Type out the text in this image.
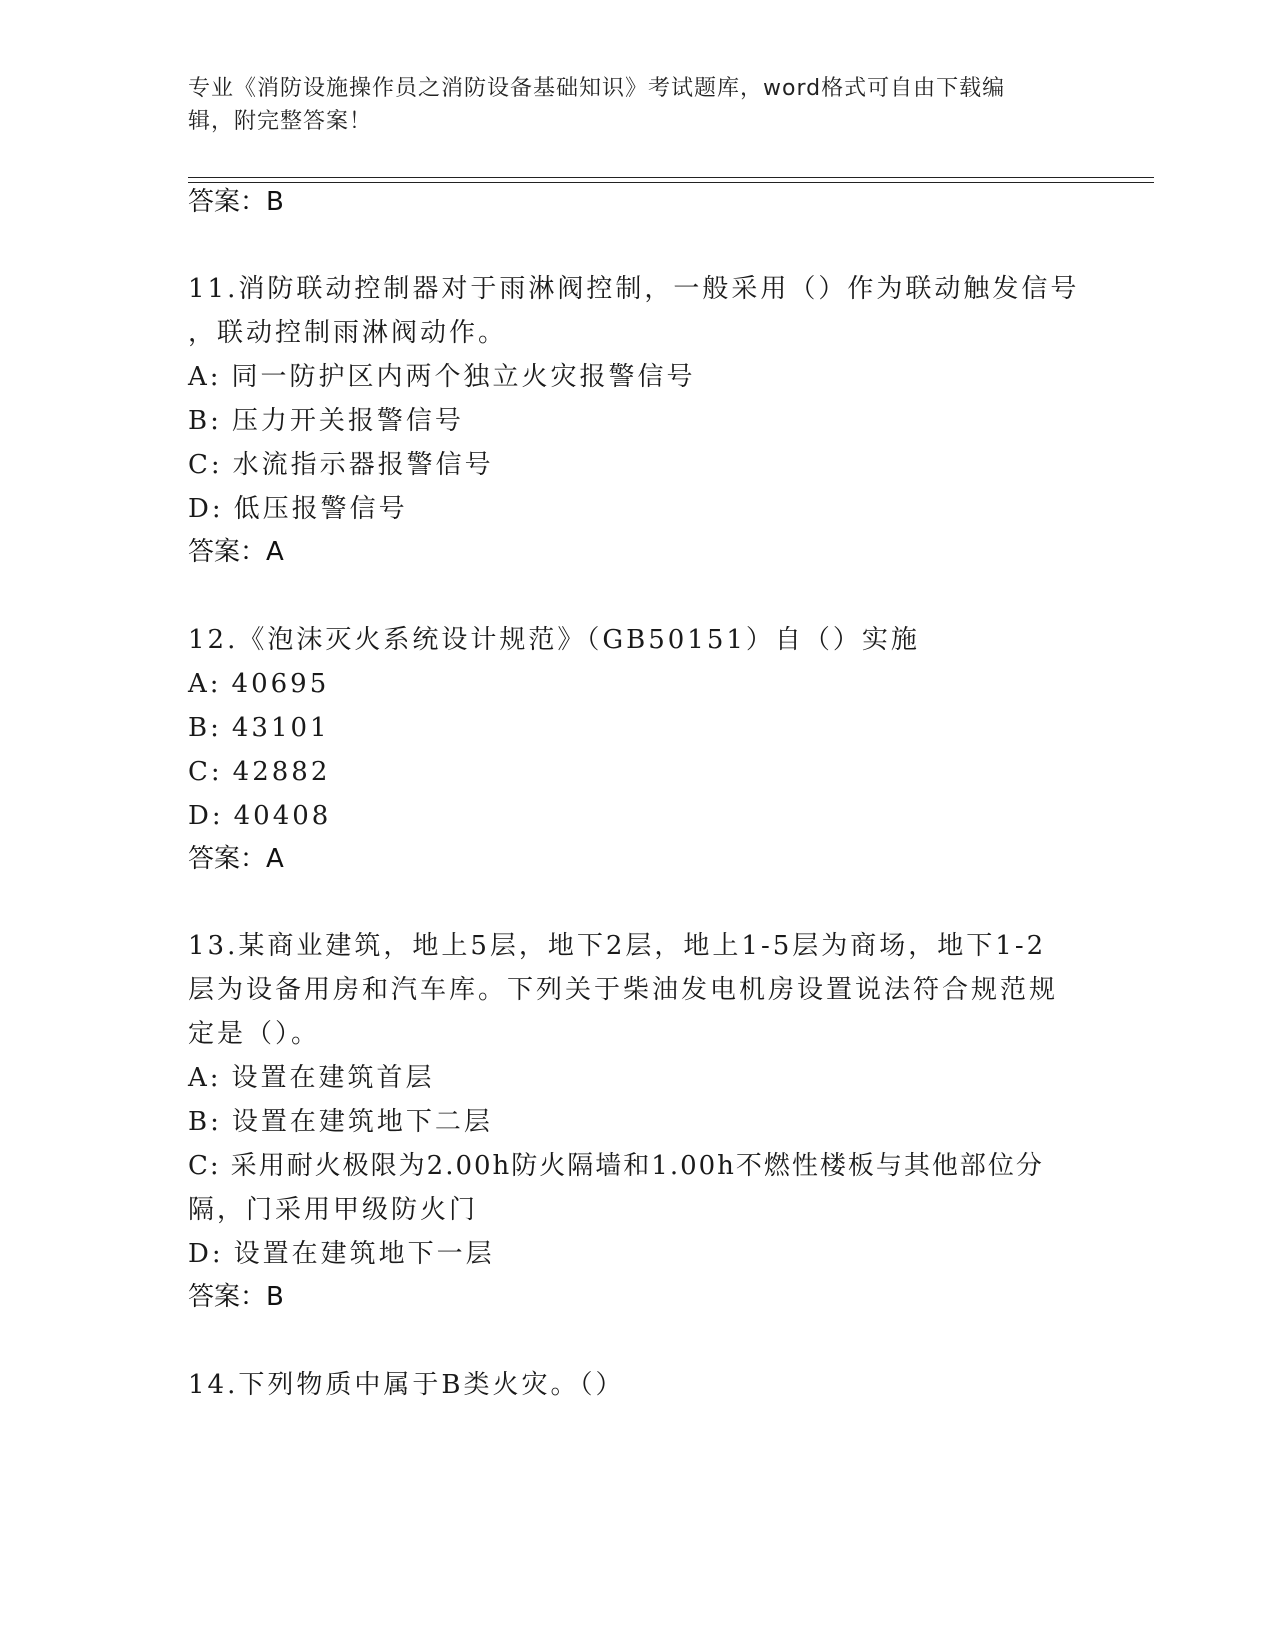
专业《消防设施操作员之消防设备基础知识》考试题库，word格式可自由下载编
辑，附完整答案！
答案：B
11.消防联动控制器对于雨淋阀控制，一般采用（）作为联动触发信号
，联动控制雨淋阀动作。
A: 同一防护区内两个独立火灾报警信号
B: 压力开关报警信号
C: 水流指示器报警信号
D: 低压报警信号
答案：A
12.《泡沫灭火系统设计规范》（GB50151）自（）实施
A: 40695
B: 43101
C: 42882
D: 40408
答案：A
13.某商业建筑，地上5层，地下2层，地上1-5层为商场，地下1-2
层为设备用房和汽车库。下列关于柴油发电机房设置说法符合规范规
定是（）。
A: 设置在建筑首层
B: 设置在建筑地下二层
C: 采用耐火极限为2.00h防火隔墙和1.00h不燃性楼板与其他部位分
隔，门采用甲级防火门
D: 设置在建筑地下一层
答案：B
14.下列物质中属于B类火灾。（）
